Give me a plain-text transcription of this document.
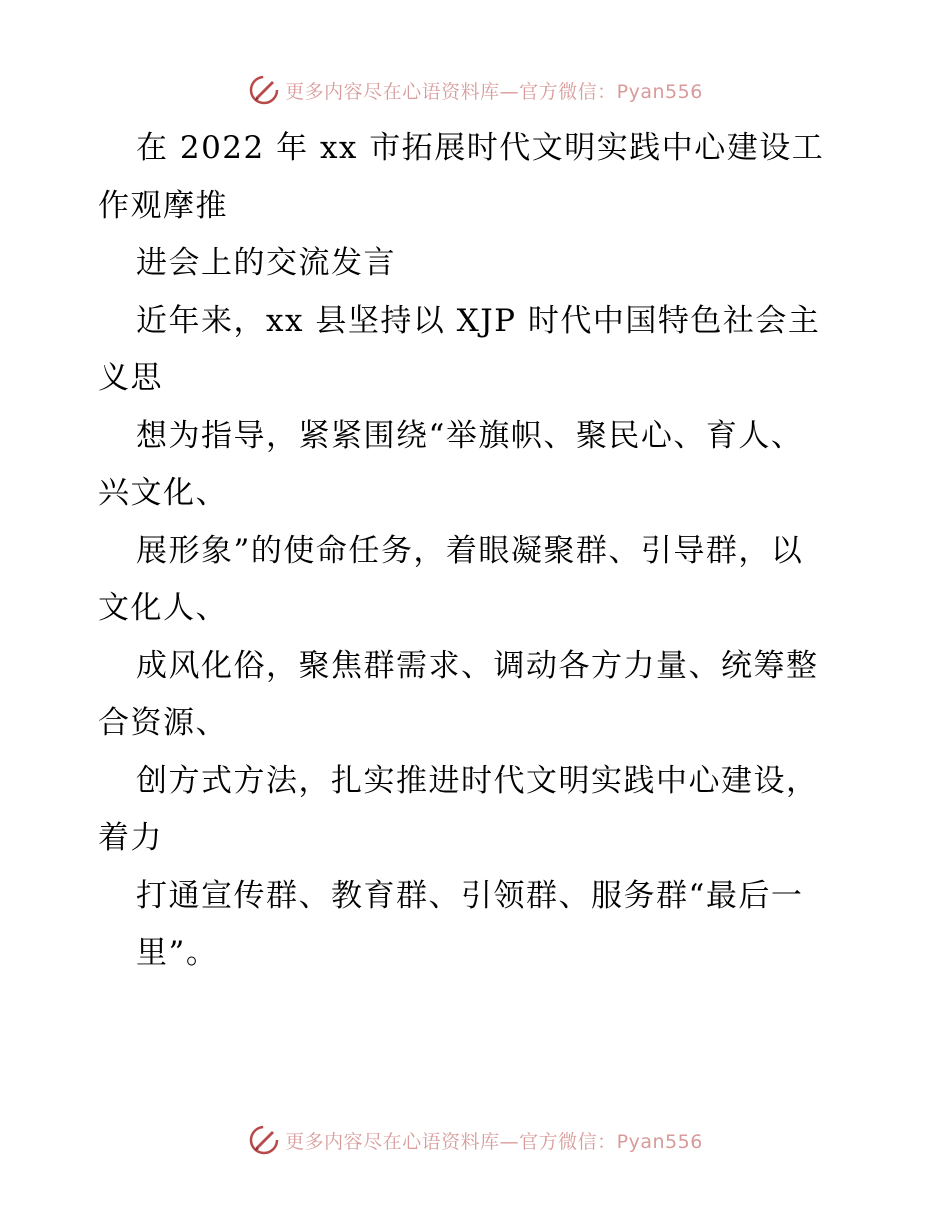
更多内容尽在心语资料库—官方微信：Pyan556
在 2022 年 xx 市拓展时代文明实践中心建设工
作观摩推
进会上的交流发言
近年来，xx 县坚持以 XJP 时代中国特色社会主
义思
想为指导，紧紧围绕“举旗帜、聚民心、育人、
兴文化、
展形象”的使命任务，着眼凝聚群、引导群，以
文化人、
成风化俗，聚焦群需求、调动各方力量、统筹整
合资源、
创方式方法，扎实推进时代文明实践中心建设，
着力
打通宣传群、教育群、引领群、服务群“最后一
里”。
更多内容尽在心语资料库—官方微信：Pyan556
